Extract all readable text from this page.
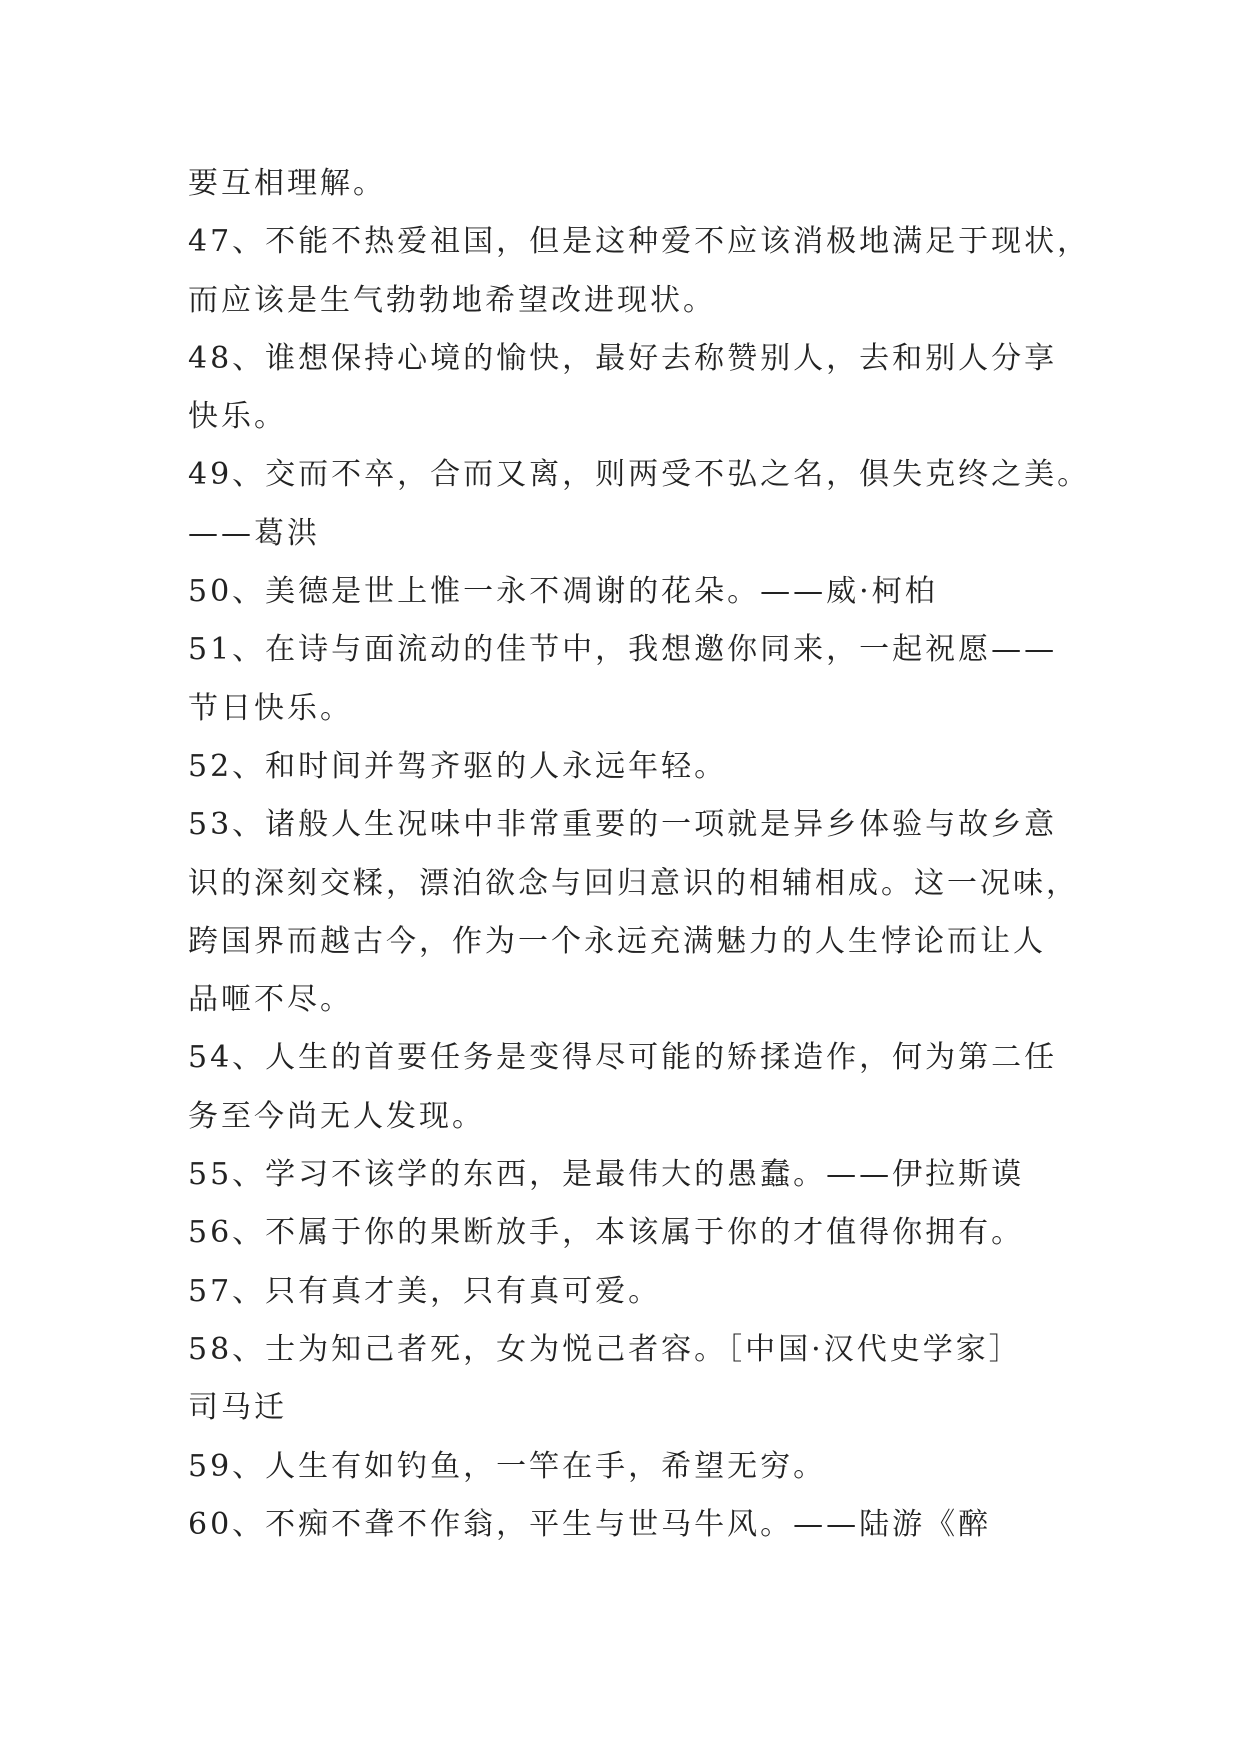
要互相理解。
47、不能不热爱祖国，但是这种爱不应该消极地满足于现状，
而应该是生气勃勃地希望改进现状。
48、谁想保持心境的愉快，最好去称赞别人，去和别人分享
快乐。
49、交而不卒，合而又离，则两受不弘之名，俱失克终之美。
——葛洪
50、美德是世上惟一永不凋谢的花朵。——威·柯柏
51、在诗与面流动的佳节中，我想邀你同来，一起祝愿——
节日快乐。
52、和时间并驾齐驱的人永远年轻。
53、诸般人生况味中非常重要的一项就是异乡体验与故乡意
识的深刻交糅，漂泊欲念与回归意识的相辅相成。这一况味，
跨国界而越古今，作为一个永远充满魅力的人生悖论而让人
品咂不尽。
54、人生的首要任务是变得尽可能的矫揉造作，何为第二任
务至今尚无人发现。
55、学习不该学的东西，是最伟大的愚蠢。——伊拉斯谟
56、不属于你的果断放手，本该属于你的才值得你拥有。
57、只有真才美，只有真可爱。
58、士为知己者死，女为悦己者容。［中国·汉代史学家］
司马迁
59、人生有如钓鱼，一竿在手，希望无穷。
60、不痴不聋不作翁，平生与世马牛风。——陆游《醉
